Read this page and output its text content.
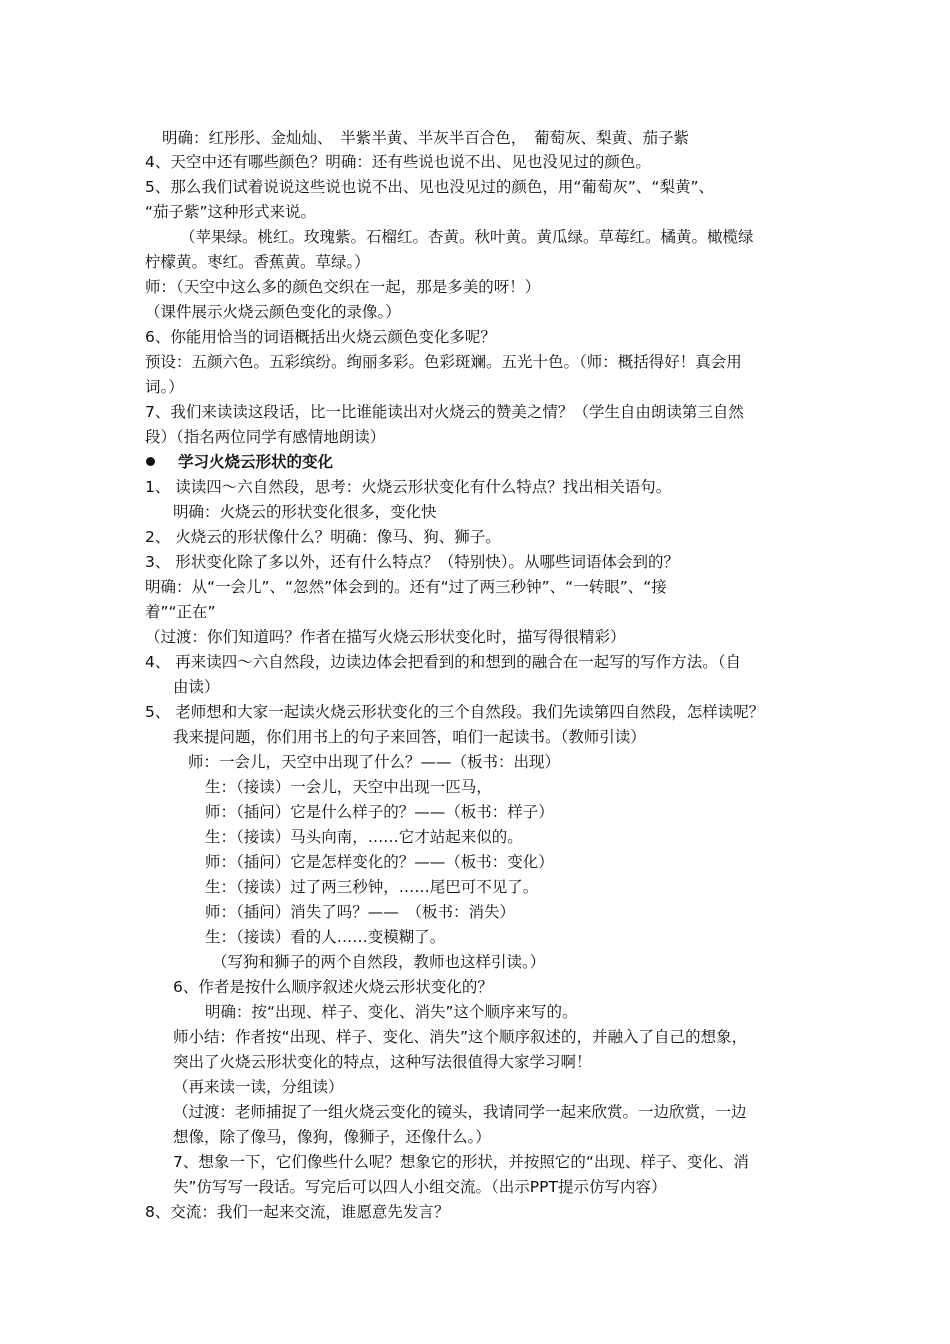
明确：红彤彤、金灿灿、　半紫半黄、半灰半百合色，　葡萄灰、梨黄、茄子紫
4、天空中还有哪些颜色？明确：还有些说也说不出、见也没见过的颜色。
5、那么我们试着说说这些说也说不出、见也没见过的颜色，用“葡萄灰”、“梨黄”、
“茄子紫”这种形式来说。
（苹果绿。桃红。玫瑰紫。石榴红。杏黄。秋叶黄。黄瓜绿。草莓红。橘黄。橄榄绿
柠檬黄。枣红。香蕉黄。草绿。）
师：（天空中这么多的颜色交织在一起，那是多美的呀！）
（课件展示火烧云颜色变化的录像。）
6、你能用恰当的词语概括出火烧云颜色变化多呢？
预设：五颜六色。五彩缤纷。绚丽多彩。色彩斑斓。五光十色。（师：概括得好！真会用
词。）
7、我们来读读这段话，比一比谁能读出对火烧云的赞美之情？（学生自由朗读第三自然
段）（指名两位同学有感情地朗读）
学习火烧云形状的变化
1、 读读四～六自然段，思考：火烧云形状变化有什么特点？找出相关语句。
明确：火烧云的形状变化很多，变化快
2、 火烧云的形状像什么？明确：像马、狗、狮子。
3、 形状变化除了多以外，还有什么特点？（特别快）。从哪些词语体会到的？
明确：从“一会儿”、“忽然”体会到的。还有“过了两三秒钟”、“一转眼”、“接
着”“正在”
（过渡：你们知道吗？作者在描写火烧云形状变化时，描写得很精彩）
4、 再来读四～六自然段，边读边体会把看到的和想到的融合在一起写的写作方法。（自
由读）
5、 老师想和大家一起读火烧云形状变化的三个自然段。我们先读第四自然段，怎样读呢？
我来提问题，你们用书上的句子来回答，咱们一起读书。（教师引读）
师：一会儿，天空中出现了什么？——（板书：出现）
生：（接读）一会儿，天空中出现一匹马，
师：（插问）它是什么样子的？——（板书：样子）
生：（接读）马头向南，……它才站起来似的。
师：（插问）它是怎样变化的？——（板书：变化）
生：（接读）过了两三秒钟，……尾巴可不见了。
师：（插问）消失了吗？——　（板书：消失）
生：（接读）看的人……变模糊了。
（写狗和狮子的两个自然段，教师也这样引读。）
6、作者是按什么顺序叙述火烧云形状变化的？
明确：按“出现、样子、变化、消失”这个顺序来写的。
师小结：作者按“出现、样子、变化、消失”这个顺序叙述的，并融入了自己的想象，
突出了火烧云形状变化的特点，这种写法很值得大家学习啊！
（再来读一读，分组读）
（过渡：老师捕捉了一组火烧云变化的镜头，我请同学一起来欣赏。一边欣赏，一边
想像，除了像马，像狗，像狮子，还像什么。）
7、想象一下，它们像些什么呢？想象它的形状，并按照它的“出现、样子、变化、消
失”仿写写一段话。写完后可以四人小组交流。（出示PPT提示仿写内容）
8、交流：我们一起来交流，谁愿意先发言？
